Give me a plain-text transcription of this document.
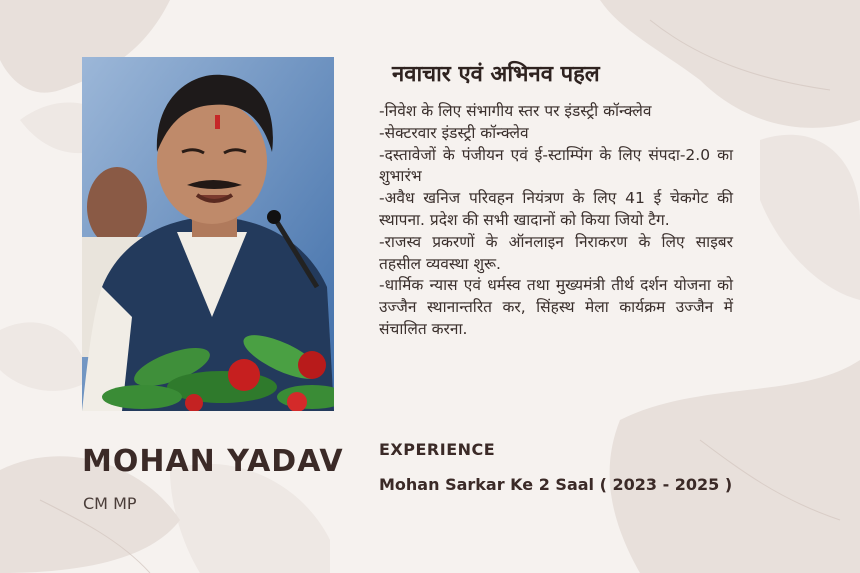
MOHAN YADAV
CM MP
नवाचार एवं अभिनव पहल

-निवेश के लिए संभागीय स्तर पर इंडस्ट्री कॉन्क्लेव

-सेक्टरवार इंडस्ट्री कॉन्क्लेव

-दस्तावेजों के पंजीयन एवं ई-स्टाम्पिंग के लिए संपदा-2.0 का शुभारंभ

-अवैध खनिज परिवहन नियंत्रण के लिए 41 ई चेकगेट की स्थापना. प्रदेश की सभी खादानों को किया जियो टैग.

-राजस्व प्रकरणों के ऑनलाइन निराकरण के लिए साइबर तहसील व्यवस्था शुरू.

-धार्मिक न्यास एवं धर्मस्व तथा मुख्यमंत्री तीर्थ दर्शन योजना को उज्जैन स्थानान्तरित कर, सिंहस्थ मेला कार्यक्रम उज्जैन में संचालित करना.

EXPERIENCE
Mohan Sarkar Ke 2 Saal ( 2023 - 2025 )
